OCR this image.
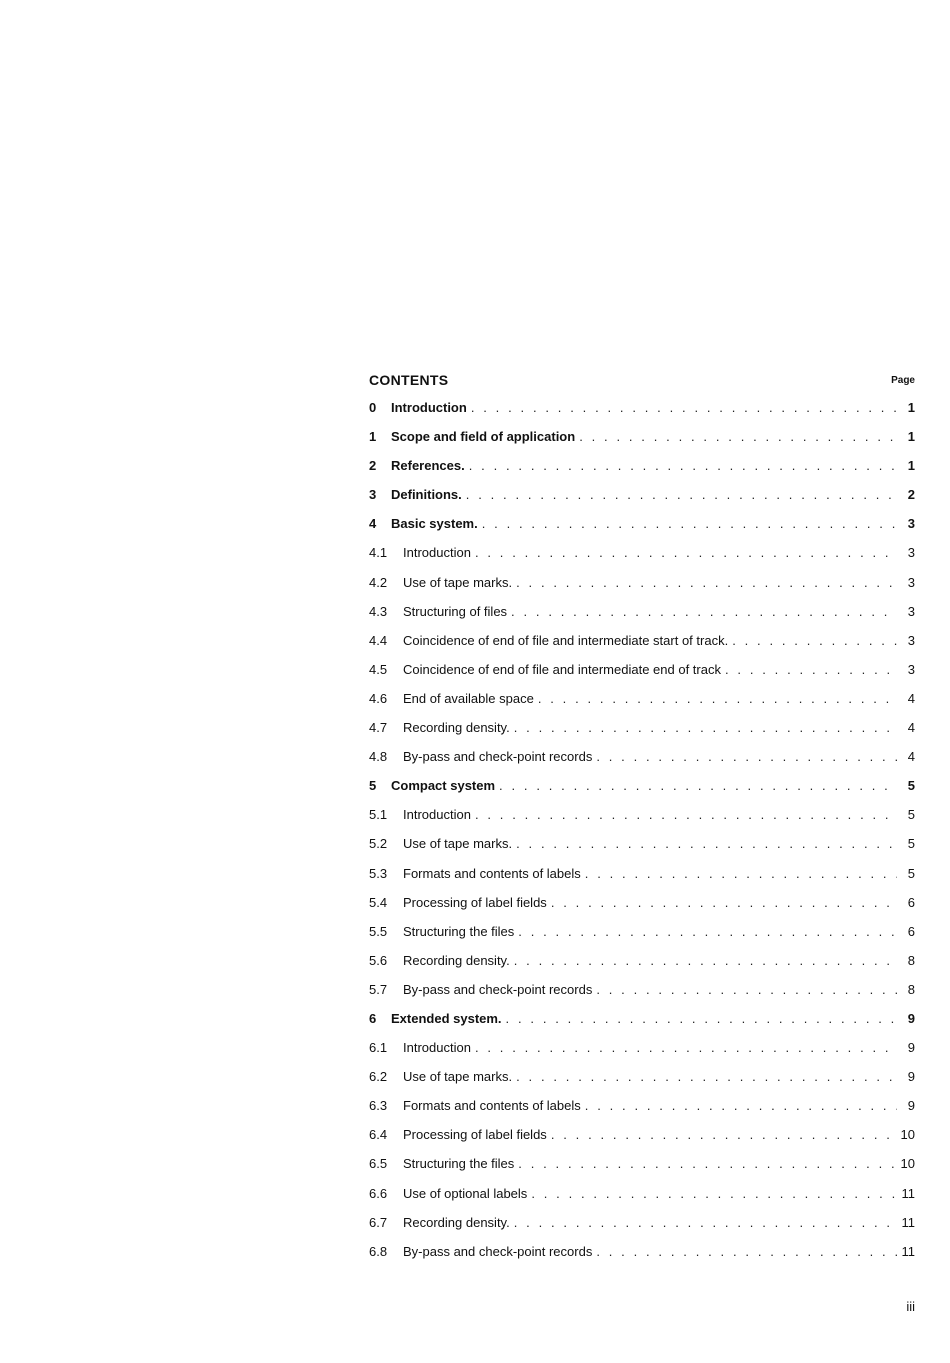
CONTENTS	Page
0	Introduction . . .	1
1	Scope and field of application . . .	1
2	References. . . .	1
3	Definitions. . . .	2
4	Basic system. . . .	3
4.1	Introduction . . .	3
4.2	Use of tape marks. . . .	3
4.3	Structuring of files . . .	3
4.4	Coincidence of end of file and intermediate start of track. . . .	3
4.5	Coincidence of end of file and intermediate end of track . . .	3
4.6	End of available space . . .	4
4.7	Recording density. . . .	4
4.8	By-pass and check-point records . . .	4
5	Compact system . . .	5
5.1	Introduction . . .	5
5.2	Use of tape marks. . . .	5
5.3	Formats and contents of labels . . .	5
5.4	Processing of label fields . . .	6
5.5	Structuring the files . . .	6
5.6	Recording density. . . .	8
5.7	By-pass and check-point records . . .	8
6	Extended system. . . .	9
6.1	Introduction . . .	9
6.2	Use of tape marks. . . .	9
6.3	Formats and contents of labels . . .	9
6.4	Processing of label fields . . .	10
6.5	Structuring the files . . .	10
6.6	Use of optional labels . . .	11
6.7	Recording density. . . .	11
6.8	By-pass and check-point records . . .	11
iii
